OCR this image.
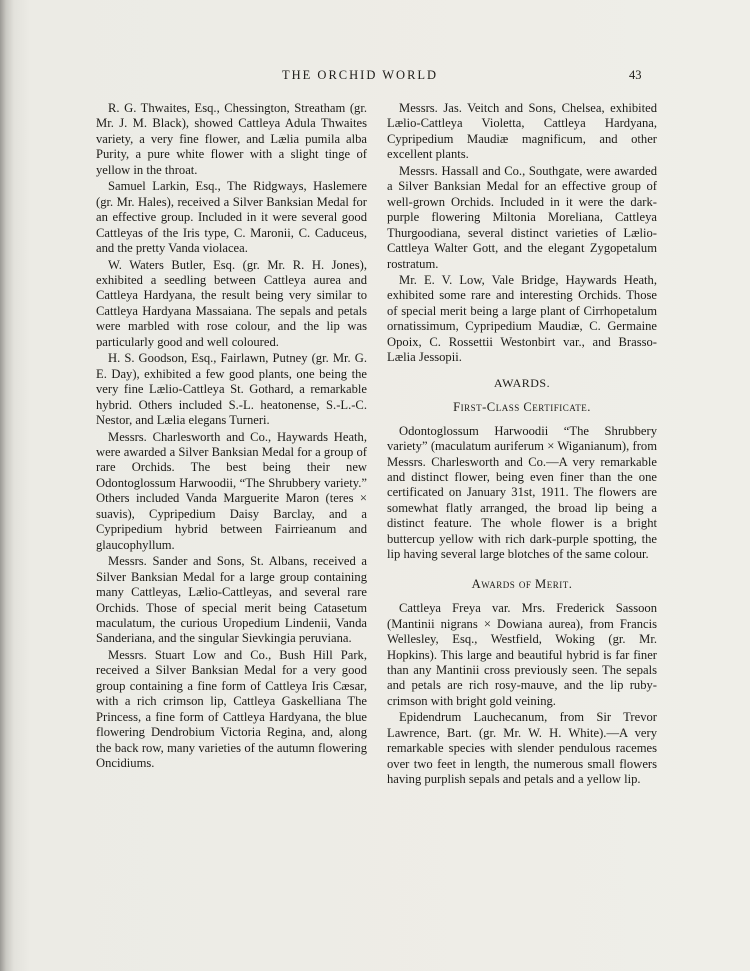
THE ORCHID WORLD	43

R. G. Thwaites, Esq., Chessington, Streatham (gr. Mr. J. M. Black), showed Cattleya Adula Thwaites variety, a very fine flower, and Lælia pumila alba Purity, a pure white flower with a slight tinge of yellow in the throat.

Samuel Larkin, Esq., The Ridgways, Haslemere (gr. Mr. Hales), received a Silver Banksian Medal for an effective group. Included in it were several good Cattleyas of the Iris type, C. Maronii, C. Caduceus, and the pretty Vanda violacea.

W. Waters Butler, Esq. (gr. Mr. R. H. Jones), exhibited a seedling between Cattleya aurea and Cattleya Hardyana, the result being very similar to Cattleya Hardyana Massaiana. The sepals and petals were marbled with rose colour, and the lip was particularly good and well coloured.

H. S. Goodson, Esq., Fairlawn, Putney (gr. Mr. G. E. Day), exhibited a few good plants, one being the very fine Lælio-Cattleya St. Gothard, a remarkable hybrid. Others included S.-L. heatonense, S.-L.-C. Nestor, and Lælia elegans Turneri.

Messrs. Charlesworth and Co., Haywards Heath, were awarded a Silver Banksian Medal for a group of rare Orchids. The best being their new Odontoglossum Harwoodii, “The Shrubbery variety.” Others included Vanda Marguerite Maron (teres × suavis), Cypripedium Daisy Barclay, and a Cypripedium hybrid between Fairrieanum and glaucophyllum.

Messrs. Sander and Sons, St. Albans, received a Silver Banksian Medal for a large group containing many Cattleyas, Lælio-Cattleyas, and several rare Orchids. Those of special merit being Catasetum maculatum, the curious Uropedium Lindenii, Vanda Sanderiana, and the singular Sievkingia peruviana.

Messrs. Stuart Low and Co., Bush Hill Park, received a Silver Banksian Medal for a very good group containing a fine form of Cattleya Iris Cæsar, with a rich crimson lip, Cattleya Gaskelliana The Princess, a fine form of Cattleya Hardyana, the blue flowering Dendrobium Victoria Regina, and, along the back row, many varieties of the autumn flowering Oncidiums.

Messrs. Jas. Veitch and Sons, Chelsea, exhibited Lælio-Cattleya Violetta, Cattleya Hardyana, Cypripedium Maudiæ magnificum, and other excellent plants.

Messrs. Hassall and Co., Southgate, were awarded a Silver Banksian Medal for an effective group of well-grown Orchids. Included in it were the dark-purple flowering Miltonia Moreliana, Cattleya Thurgoodiana, several distinct varieties of Lælio-Cattleya Walter Gott, and the elegant Zygopetalum rostratum.

Mr. E. V. Low, Vale Bridge, Haywards Heath, exhibited some rare and interesting Orchids. Those of special merit being a large plant of Cirrhopetalum ornatissimum, Cypripedium Maudiæ, C. Germaine Opoix, C. Rossettii Westonbirt var., and Brasso-Lælia Jessopii.

AWARDS.

First-Class Certificate.

Odontoglossum Harwoodii “The Shrubbery variety” (maculatum auriferum × Wiganianum), from Messrs. Charlesworth and Co.—A very remarkable and distinct flower, being even finer than the one certificated on January 31st, 1911. The flowers are somewhat flatly arranged, the broad lip being a distinct feature. The whole flower is a bright buttercup yellow with rich dark-purple spotting, the lip having several large blotches of the same colour.

Awards of Merit.

Cattleya Freya var. Mrs. Frederick Sassoon (Mantinii nigrans × Dowiana aurea), from Francis Wellesley, Esq., Westfield, Woking (gr. Mr. Hopkins). This large and beautiful hybrid is far finer than any Mantinii cross previously seen. The sepals and petals are rich rosy-mauve, and the lip ruby-crimson with bright gold veining.

Epidendrum Lauchecanum, from Sir Trevor Lawrence, Bart. (gr. Mr. W. H. White).—A very remarkable species with slender pendulous racemes over two feet in length, the numerous small flowers having purplish sepals and petals and a yellow lip.
